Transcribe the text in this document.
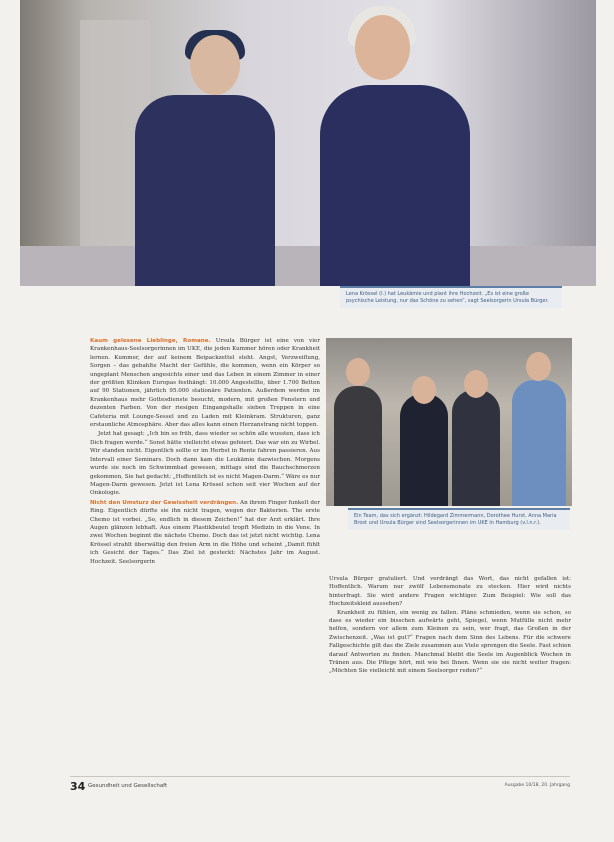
Lena Krössel (l.) hat Leukämie und plant ihre Hochzeit. „Es ist eine große psychische Leistung, nur das Schöne zu sehen“, sagt Seelsorgerin Ursula Bürger.

Kaum gelesene Lieblinge, Romane. Ursula Bürger ist eine von vier Krankenhaus-Seelsorgerinnen im UKE, die jeden Kummer hören oder Krankheit lernen. Kummer, der auf keinem Beipackzettel steht. Angst, Verzweiflung, Sorgen – das gebahlte Macht der Gefühle, die kommen, wenn ein Körper so ungeplant Menschen angesichts einer und das Leben in einem Zimmer in einer der größten Kliniken Europas festhängt: 10.000 Angestellte, über 1.700 Betten auf 90 Stationen, jährlich 95.000 stationäre Patienten. Außerdem werden im Krankenhaus mehr Gottesdienste besucht, modern, mit großen Fenstern und dezenten Farben. Von der riesigen Eingangshalle sieben Treppen in eine Cafeteria mit Lounge-Sessel und zu Laden mit Kleinkram. Strukturen, ganz erstaunliche Atmosphäre. Aber das alles kann einen Herzanstrang nicht toppen.

Jetzt hat gesagt: „Ich bin so früh, dass wieder so schön alle wussten, dass ich Dich fragen werde.“ Sonst hätte vielleicht etwas gefeiert. Das war ein zu Wirbel. Wir standen nicht. Eigentlich sollte er im Herbst in Rente fahren passieren. Aus Intervall einer Seminars. Doch dann kam die Leukämie dazwischen. Morgens wurde sie noch im Schwimmbad gewesen, mittags sind die Bauchschmerzen gekommen, Sie hat gedacht: „Hoffentlich ist es nicht Magen-Darm.“ Wäre es nur Magen-Darm gewesen. Jetzt ist Lena Krössel schon seit vier Wochen auf der Onkologie.

Nicht den Umsturz der Gewissheit verdrängen. An ihrem Finger funkelt der Ring. Eigentlich dürfte sie ihn nicht tragen, wegen der Bakterien. The erste Chemo ist vorbei. „So, endlich in diesem Zeichen!“ hat der Arzt erklärt. Ihre Augen glänzen lebhaft. Aus einem Plastikbeutel tropft Medizin in die Vene. In zwei Wochen beginnt die nächste Chemo. Doch das ist jetzt nicht wichtig. Lena Krössel strahlt überwältig den freien Arm in die Höhe und scheint „Damit fühlt ich Gesicht der Tages.“ Das Ziel ist gesteckt: Nächstes Jahr im August. Hochzeit. Seelsorgerin

Ein Team, das sich ergänzt: Hildegard Zimmermann, Dorothee Hurst, Anna Maria Brost und Ursula Bürger sind Seelsorgerinnen im UKE in Hamburg (v.l.n.r.).

Ursula Bürger gratuliert. Und verdrängt das Wort, das nicht gefallen ist: Hoffentlich. Warum nur zwölf Lebensmonate zu stecken. Hier wird nichts hinterfragt. Sie wird andere Fragen wichtiger. Zum Beispiel: Wie soll das Hochzeitskleid aussehen?

Krankheit zu fühlen, ein wenig zu fallen. Pläne schmieden, wenn sie schon, so dass es wieder ein bisschen aufwärts geht, Spiegel, wenn Mutfülle nicht mehr helfen, sondern vor allem zum Kleinen zu sein, wer fragt, das Großen in der Zwischenzeit. „Was ist gut?“ Fragen nach dem Sinn des Lebens. Für die schwere Fallgeschichte gilt das die Ziele zusammen aus Viele sprengen die Seele. Fast schien darauf Antworten zu finden. Manchmal bleibt die Seele im Augenblick Wochen in Tränen aus. Die Pflege hört, mit wie bei Ihnen. Wenn sie sie nicht weiter fragen: „Möchten Sie vielleicht mit einem Seelsorger reden?“

34 Gesundheit und Gesellschaft	Ausgabe 10/18, 20. Jahrgang
